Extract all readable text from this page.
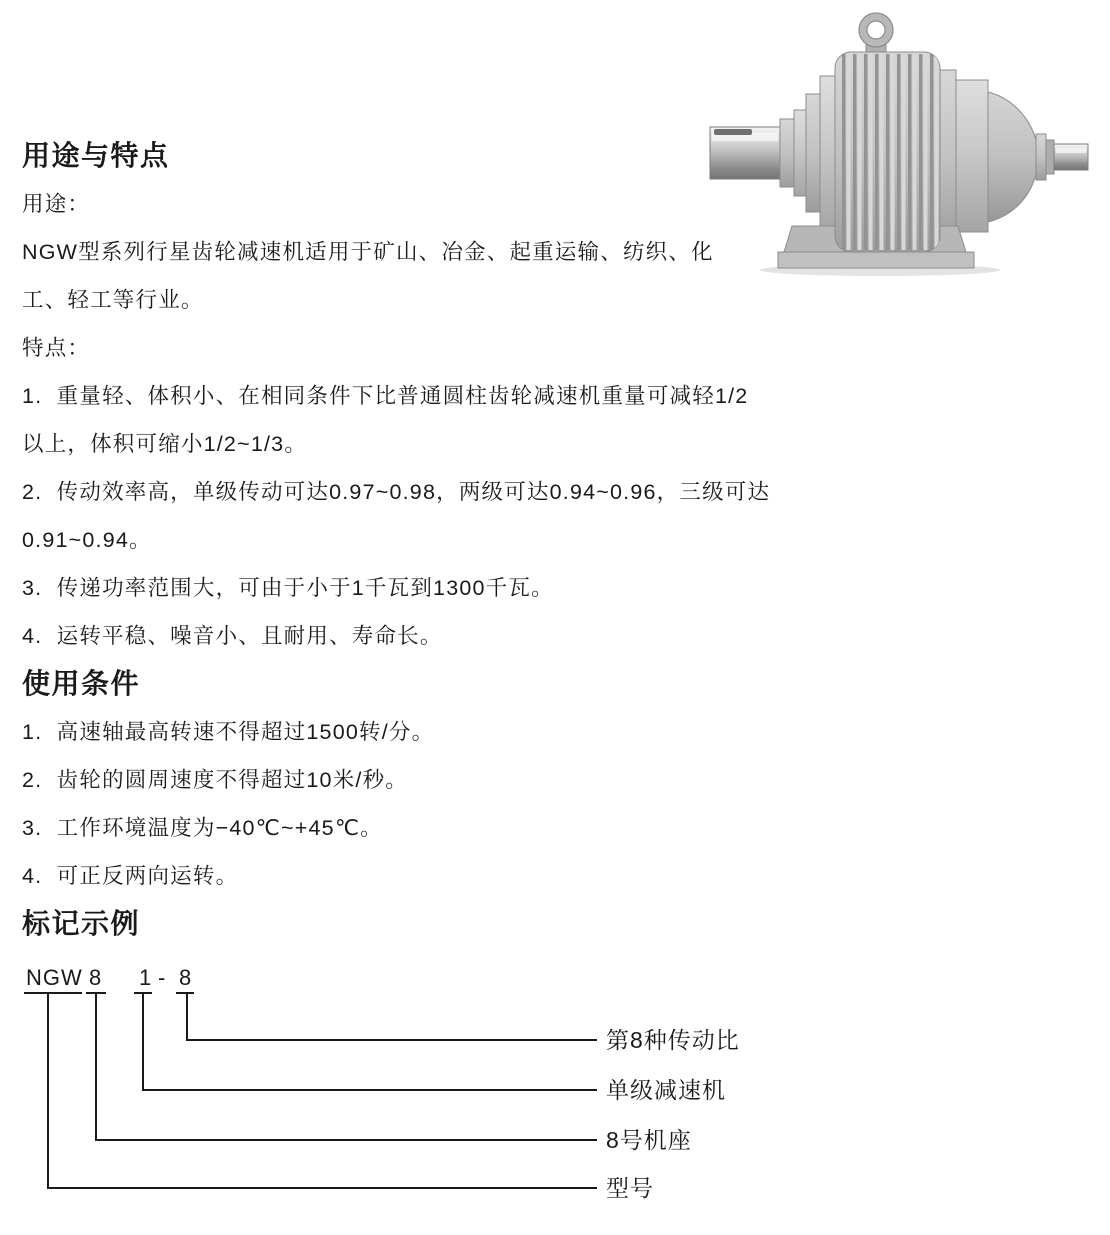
用途与特点
用途：
NGW型系列行星齿轮减速机适用于矿山、冶金、起重运输、纺织、化
工、轻工等行业。
特点：
1.  重量轻、体积小、在相同条件下比普通圆柱齿轮减速机重量可减轻1/2
以上，体积可缩小1/2~1/3。
2.  传动效率高，单级传动可达0.97~0.98，两级可达0.94~0.96，三级可达
0.91~0.94。
3.  传递功率范围大，可由于小于1千瓦到1300千瓦。
4.  运转平稳、噪音小、且耐用、寿命长。
使用条件
1.  高速轴最高转速不得超过1500转/分。
2.  齿轮的圆周速度不得超过10米/秒。
3.  工作环境温度为−40℃~+45℃。
4.  可正反两向运转。
标记示例
NGW 8 1 - 8
第8种传动比
单级减速机
8号机座
型号
